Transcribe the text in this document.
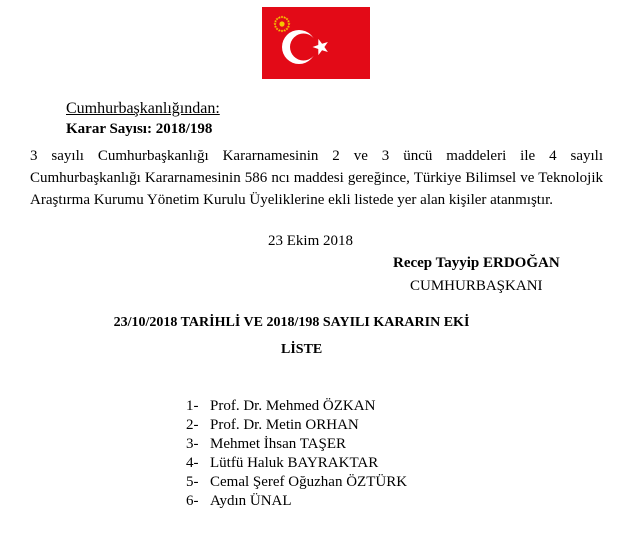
Cumhurbaşkanlığından:
Karar Sayısı: 2018/198
3 sayılı Cumhurbaşkanlığı Kararnamesinin 2 ve 3 üncü maddeleri ile 4 sayılı Cumhurbaşkanlığı Kararnamesinin 586 ncı maddesi gereğince, Türkiye Bilimsel ve Teknolojik Araştırma Kurumu Yönetim Kurulu Üyeliklerine ekli listede yer alan kişiler atanmıştır.
23 Ekim 2018
Recep Tayyip ERDOĞAN
CUMHURBAŞKANI
23/10/2018 TARİHLİ VE 2018/198 SAYILI KARARIN EKİ
LİSTE
1- Prof. Dr. Mehmed ÖZKAN
2- Prof. Dr. Metin ORHAN
3- Mehmet İhsan TAŞER
4- Lütfü Haluk BAYRAKTAR
5- Cemal Şeref Oğuzhan ÖZTÜRK
6- Aydın ÜNAL
